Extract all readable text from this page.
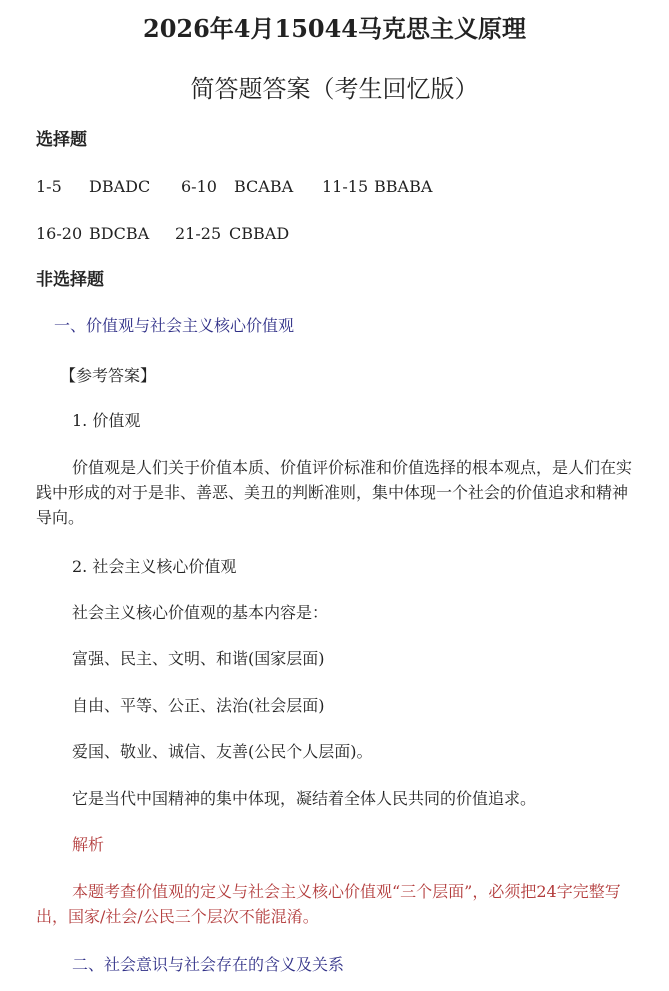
2026年4月15044马克思主义原理
简答题答案（考生回忆版）
选择题
1-5 DBADC 6-10 BCABA 11-15 BBABA
16-20 BDCBA 21-25 CBBAD
非选择题
一、价值观与社会主义核心价值观
【参考答案】
1. 价值观
价值观是人们关于价值本质、价值评价标准和价值选择的根本观点，是人们在实践中形成的对于是非、善恶、美丑的判断准则，集中体现一个社会的价值追求和精神导向。
2. 社会主义核心价值观
社会主义核心价值观的基本内容是：
富强、民主、文明、和谐(国家层面)
自由、平等、公正、法治(社会层面)
爱国、敬业、诚信、友善(公民个人层面)。
它是当代中国精神的集中体现，凝结着全体人民共同的价值追求。
解析
本题考查价值观的定义与社会主义核心价值观“三个层面”，必须把24字完整写出，国家/社会/公民三个层次不能混淆。
二、社会意识与社会存在的含义及关系
